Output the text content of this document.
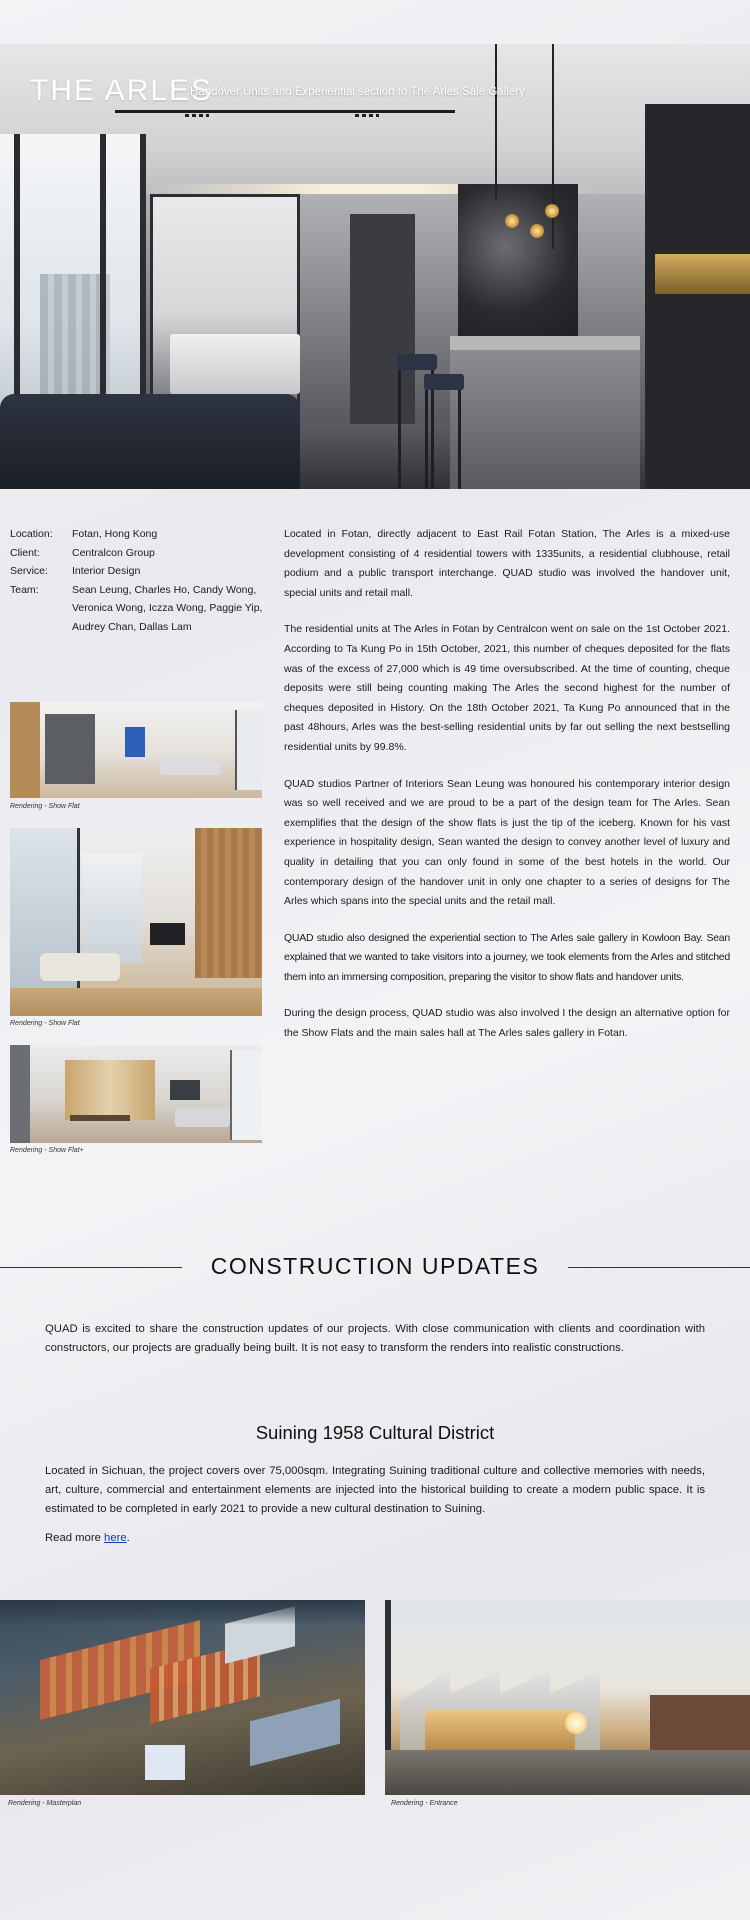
THE ARLES
Handover Units and Experiential section to The Arles Sale Gallery
Location:	Fotan, Hong Kong
Client:	Centralcon Group
Service:	Interior Design
Team:	Sean Leung, Charles Ho, Candy Wong, Veronica Wong, Iczza Wong, Paggie Yip, Audrey Chan, Dallas Lam
Rendering - Show Flat
Rendering - Show Flat
Rendering - Show Flat+

Located in Fotan, directly adjacent to East Rail Fotan Station, The Arles is a mixed-use development consisting of 4 residential towers with 1335units, a residential clubhouse, retail podium and a public transport interchange. QUAD studio was involved the handover unit, special units and retail mall.

The residential units at The Arles in Fotan by Centralcon went on sale on the 1st October 2021. According to Ta Kung Po in 15th October, 2021, this number of cheques deposited for the flats was of the excess of 27,000 which is 49 time oversubscribed. At the time of counting, cheque deposits were still being counting making The Arles the second highest for the number of cheques deposited in History. On the 18th October 2021, Ta Kung Po announced that in the past 48hours, Arles was the best-selling residential units by far out selling the next bestselling residential units by 99.8%.

QUAD studios Partner of Interiors Sean Leung was honoured his contemporary interior design was so well received and we are proud to be a part of the design team for The Arles. Sean exemplifies that the design of the show flats is just the tip of the iceberg. Known for his vast experience in hospitality design, Sean wanted the design to convey another level of luxury and quality in detailing that you can only found in some of the best hotels in the world. Our contemporary design of the handover unit in only one chapter to a series of designs for The Arles which spans into the special units and the retail mall.

QUAD studio also designed the experiential section to The Arles sale gallery in Kowloon Bay. Sean explained that we wanted to take visitors into a journey, we took elements from the Arles and stitched them into an immersing composition, preparing the visitor to show flats and handover units.

During the design process, QUAD studio was also involved I the design an alternative option for the Show Flats and the main sales hall at The Arles sales gallery in Fotan.

CONSTRUCTION UPDATES
QUAD is excited to share the construction updates of our projects. With close communication with clients and coordination with constructors, our projects are gradually being built. It is not easy to transform the renders into realistic constructions.
Suining 1958 Cultural District
Located in Sichuan, the project covers over 75,000sqm. Integrating Suining traditional culture and collective memories with needs, art, culture, commercial and entertainment elements are injected into the historical building to create a modern public space. It is estimated to be completed in early 2021 to provide a new cultural destination to Suining.
Read more here.
Rendering - Masterplan	Rendering - Entrance
